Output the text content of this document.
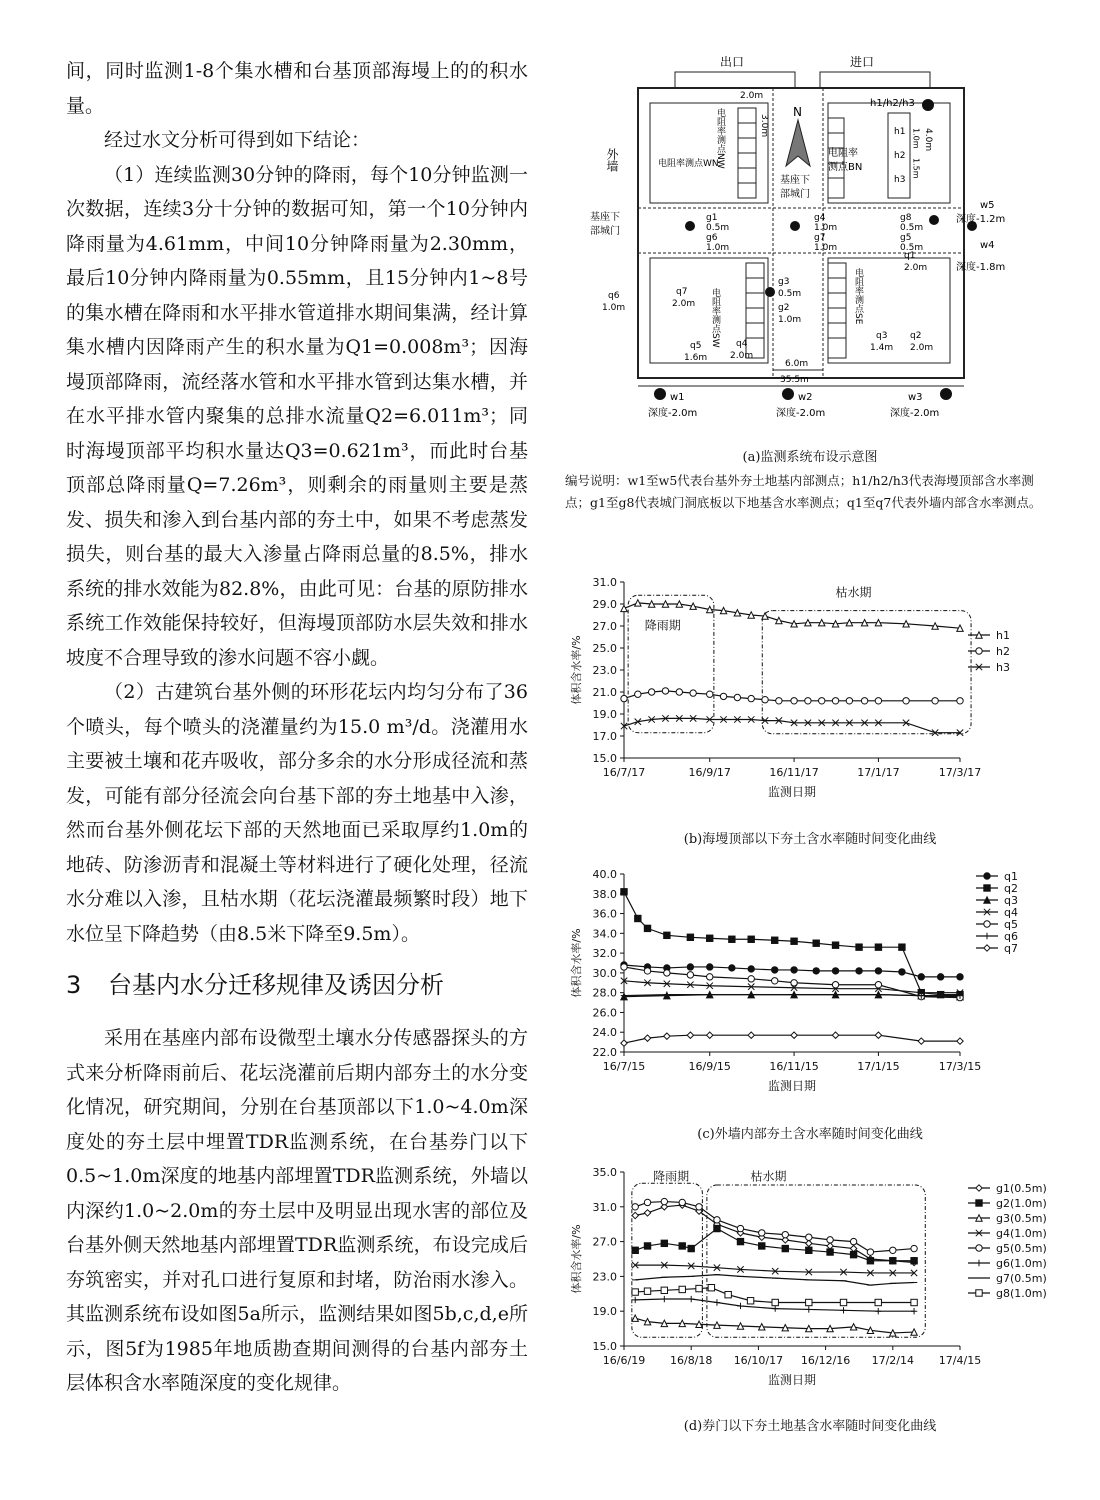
间，同时监测1-8个集水槽和台基顶部海墁上的的积水量。

经过水文分析可得到如下结论：

（1）连续监测30分钟的降雨，每个10分钟监测一次数据，连续3分十分钟的数据可知，第一个10分钟内降雨量为4.61mm，中间10分钟降雨量为2.30mm，最后10分钟内降雨量为0.55mm，且15分钟内1~8号的集水槽在降雨和水平排水管道排水期间集满，经计算集水槽内因降雨产生的积水量为Q1=0.008m³；因海墁顶部降雨，流经落水管和水平排水管到达集水槽，并在水平排水管内聚集的总排水流量Q2=6.011m³；同时海墁顶部平均积水量达Q3=0.621m³，而此时台基顶部总降雨量Q=7.26m³，则剩余的雨量则主要是蒸发、损失和渗入到台基内部的夯土中，如果不考虑蒸发损失，则台基的最大入渗量占降雨总量的8.5%，排水系统的排水效能为82.8%，由此可见：台基的原防排水系统工作效能保持较好，但海墁顶部防水层失效和排水坡度不合理导致的渗水问题不容小觑。

（2）古建筑台基外侧的环形花坛内均匀分布了36个喷头，每个喷头的浇灌量约为15.0 m³/d。浇灌用水主要被土壤和花卉吸收，部分多余的水分形成径流和蒸发，可能有部分径流会向台基下部的夯土地基中入渗，然而台基外侧花坛下部的天然地面已采取厚约1.0m的地砖、防渗沥青和混凝土等材料进行了硬化处理，径流水分难以入渗，且枯水期（花坛浇灌最频繁时段）地下水位呈下降趋势（由8.5米下降至9.5m）。

3 台基内水分迁移规律及诱因分析

采用在基座内部布设微型土壤水分传感器探头的方式来分析降雨前后、花坛浇灌前后期内部夯土的水分变化情况，研究期间，分别在台基顶部以下1.0~4.0m深度处的夯土层中埋置TDR监测系统，在台基券门以下0.5~1.0m深度的地基内部埋置TDR监测系统，外墙以内深约1.0~2.0m的夯土层中及明显出现水害的部位及台基外侧天然地基内部埋置TDR监测系统，布设完成后夯筑密实，并对孔口进行复原和封堵，防治雨水渗入。其监测系统布设如图5a所示，监测结果如图5b,c,d,e所示，图5f为1985年地质勘查期间测得的台基内部夯土层体积含水率随深度的变化规律。

出口	进口
外墙
N
电阻率测点NW
电阻率测点WN
电阻率测点SW	电阻率测点SE
电阻率
测点BN
基座下
部城门
基座下
部城门
h1/h2/h3
h1
h2
h3
2.0m
3.0m
1.0m
1.5m
4.0m
g1
0.5m
g6
1.0m
g4
1.0m
g7
1.0m
g8
0.5m
g5
0.5m
g3
0.5m
g2
1.0m
q1
2.0m
q2
2.0m
q3
1.4m
q4
2.0m
q5
1.6m
q6
1.0m
q7
2.0m
w1
深度-2.0m
w2
深度-2.0m
w3
深度-2.0m
w5
深度-1.2m
w4
深度-1.8m
6.0m
35.5m
(a)监测系统布设示意图
编号说明：w1至w5代表台基外夯土地基内部测点；h1/h2/h3代表海墁顶部含水率测点；g1至g8代表城门洞底板以下地基含水率测点；q1至q7代表外墙内部含水率测点。
15.0
17.0
19.0
21.0
23.0
25.0
27.0
29.0
31.0
16/7/17	16/9/17	16/11/17	17/1/17	17/3/17
监测日期
体积含水率/%
降雨期
枯水期
h1
h2
h3
(b)海墁顶部以下夯土含水率随时间变化曲线
22.0
24.0
26.0
28.0
30.0
32.0
34.0
36.0
38.0
40.0
16/7/15	16/9/15	16/11/15	17/1/15	17/3/15
监测日期
体积含水率/%
q1
q2
q3
q4
q5
q6
q7
(c)外墙内部夯土含水率随时间变化曲线
15.0
19.0
23.0
27.0
31.0
35.0
16/6/19 16/8/18 16/10/17 16/12/16 17/2/14 17/4/15
监测日期
体积含水率/%
降雨期	枯水期
g1(0.5m)
g2(1.0m)
g3(0.5m)
g4(1.0m)
g5(0.5m)
g6(1.0m)
g7(0.5m)
g8(1.0m)
(d)券门以下夯土地基含水率随时间变化曲线
